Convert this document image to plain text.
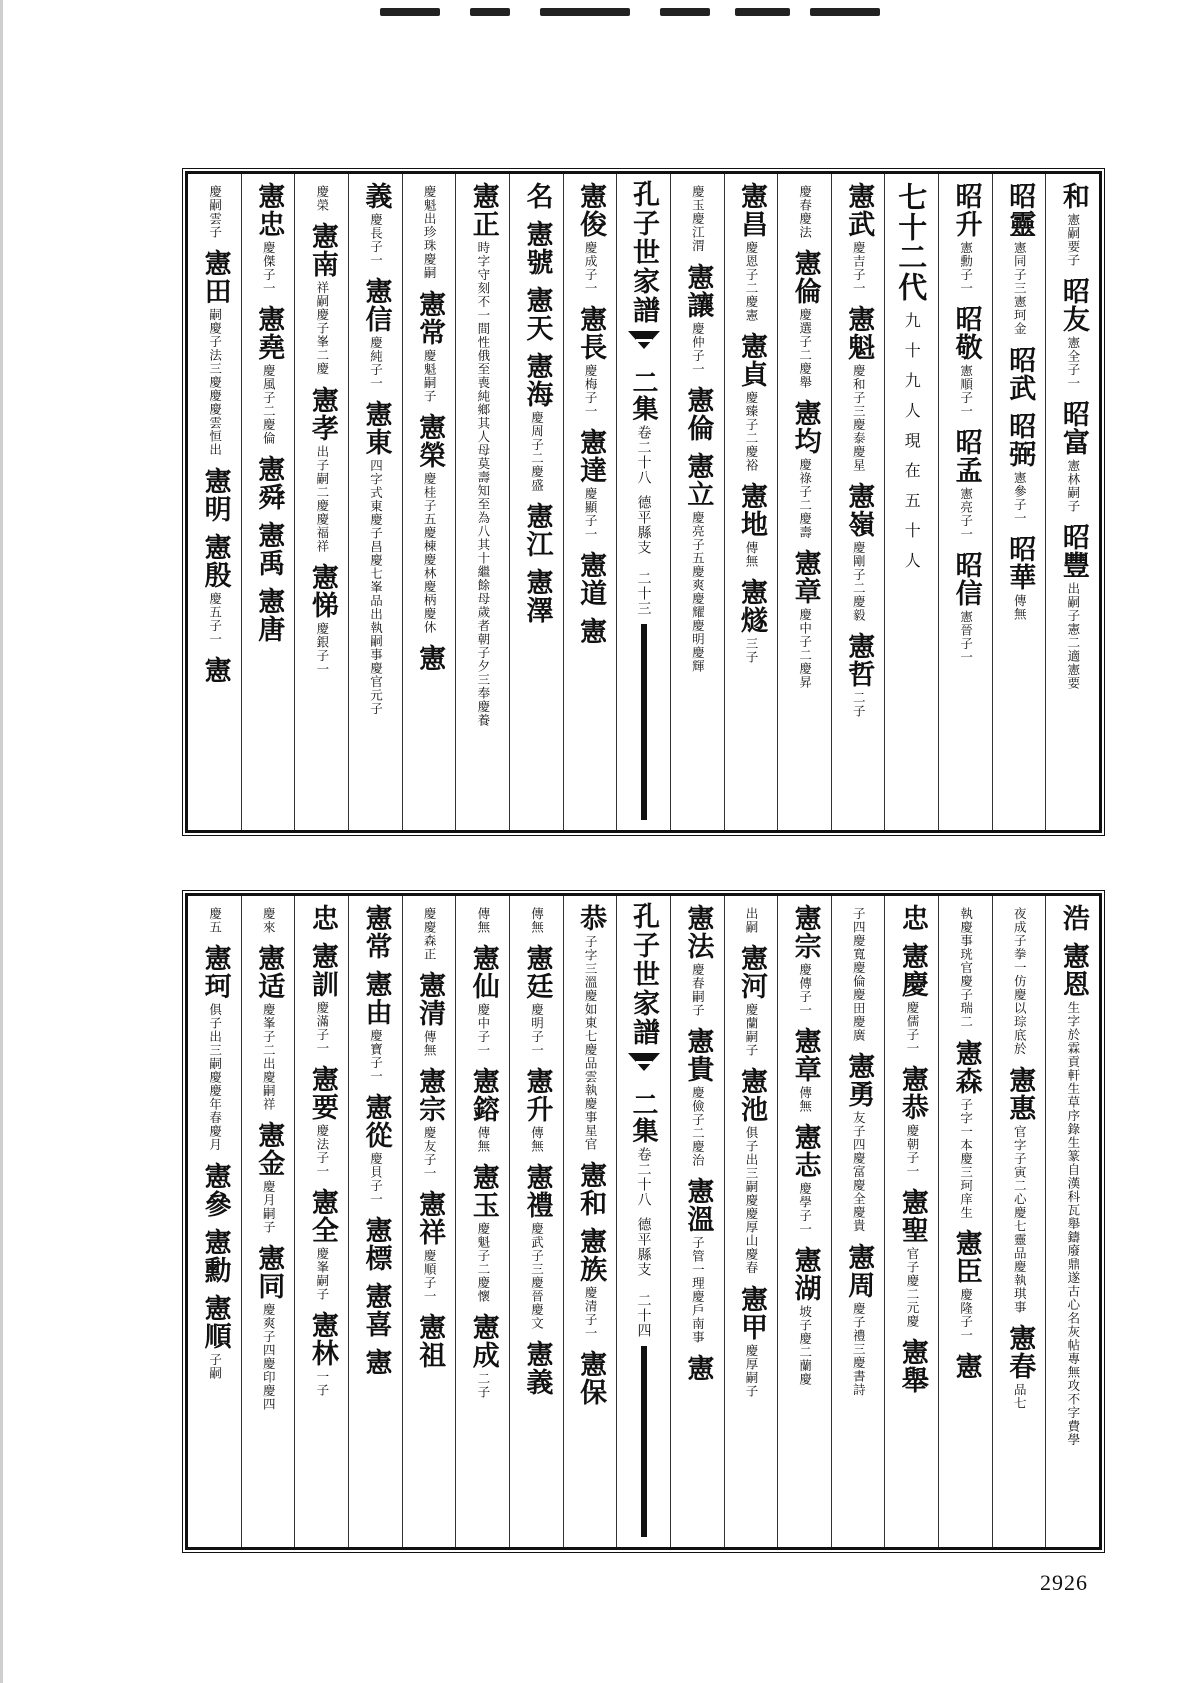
和
憲嗣要子
昭友
憲全子一
昭富
憲林嗣子
昭豐
出嗣子憲二適憲要
昭靈
憲同子三憲珂金
昭武
昭弼
憲參子一
昭華
傳無
昭升
憲勳子一
昭敬
憲順子一
昭孟
憲亮子一
昭信
憲晉子一
七十二代
九十九人現在五十人
憲武
慶吉子一
憲魁
慶和子三慶泰慶星
憲嶺
慶剛子二慶毅
憲哲
二子
慶春慶法
憲倫
慶選子二慶舉
憲均
慶祿子二慶壽
憲章
慶中子二慶昇
憲昌
慶恩子二慶憲
憲貞
慶臻子二慶裕
憲地
傳無
憲燧
三子
慶玉慶江渭
憲讓
慶仲子一
憲倫
憲立
慶亮子五慶爽慶耀慶明慶輝
孔子世家譜
二集
卷二十八
德平縣支
二十三
憲俊
慶成子一
憲長
慶梅子一
憲達
慶顯子一
憲道
憲
名
憲號
憲天
憲海
慶周子二慶盛
憲江
憲澤
憲正
時字守刻不一間性俄至喪純鄉其人母莫壽知至為八其十繼餘母歲者朝子夕三奉慶養
慶魁出珍珠慶嗣
憲常
慶魁嗣子
憲榮
慶桂子五慶棟慶林慶柄慶休
憲
義
慶長子一
憲信
慶純子一
憲東
四字式東慶子昌慶七峯品出執嗣事慶官元子
慶榮
憲南
祥嗣慶子峯二慶
憲孝
出子嗣二慶慶福祥
憲悌
慶銀子一
憲忠
慶傑子一
憲堯
慶風子二慶倫
憲舜
憲禹
憲唐
慶嗣雲子
憲田
嗣慶子法三慶慶慶雲恒出
憲明
憲殷
慶五子一
憲
浩
憲恩
生字於霖貢軒生草序錄生篆自漢科瓦舉鑄廢鼎遂古心名灰帖專無攻不字費學
夜成子拳一仿慶以琮底於
憲惠
官字子寅二心慶七靈品慶執琪事
憲春
品七
執慶事珖官慶子瑞二
憲森
子字一本慶三珂庠生
憲臣
慶隆子一
憲
忠
憲慶
慶儒子一
憲恭
慶朝子一
憲聖
官子慶二元慶
憲舉
子四慶寬慶倫慶田慶廣
憲勇
友子四慶富慶全慶貴
憲周
慶子禮三慶書詩
憲宗
慶傳子一
憲章
傳無
憲志
慶學子一
憲湖
坡子慶二蘭慶
出嗣
憲河
慶蘭嗣子
憲池
俱子出三嗣慶慶厚山慶春
憲甲
慶厚嗣子
憲法
慶春嗣子
憲貴
慶儉子二慶治
憲溫
子管一理慶戶南事
憲
孔子世家譜
二集
卷二十八
德平縣支
二十四
恭
子字三溫慶如東七慶品雲執慶事星官
憲和
憲族
慶清子一
憲保
傳無
憲廷
慶明子一
憲升
傳無
憲禮
慶武子三慶晉慶文
憲義
傳無
憲仙
慶中子一
憲鎔
傳無
憲玉
慶魁子二慶懷
憲成
二子
慶慶森正
憲清
傳無
憲宗
慶友子一
憲祥
慶順子一
憲祖
憲常
憲由
慶寶子一
憲從
慶貝子一
憲標
憲喜
憲
忠
憲訓
慶滿子一
憲要
慶法子一
憲全
慶峯嗣子
憲林
一子
慶來
憲适
慶峯子二出慶嗣祥
憲金
慶月嗣子
憲同
慶爽子四慶印慶四
慶五
憲珂
俱子出三嗣慶慶年春慶月
憲參
憲勳
憲順
子嗣
2926
